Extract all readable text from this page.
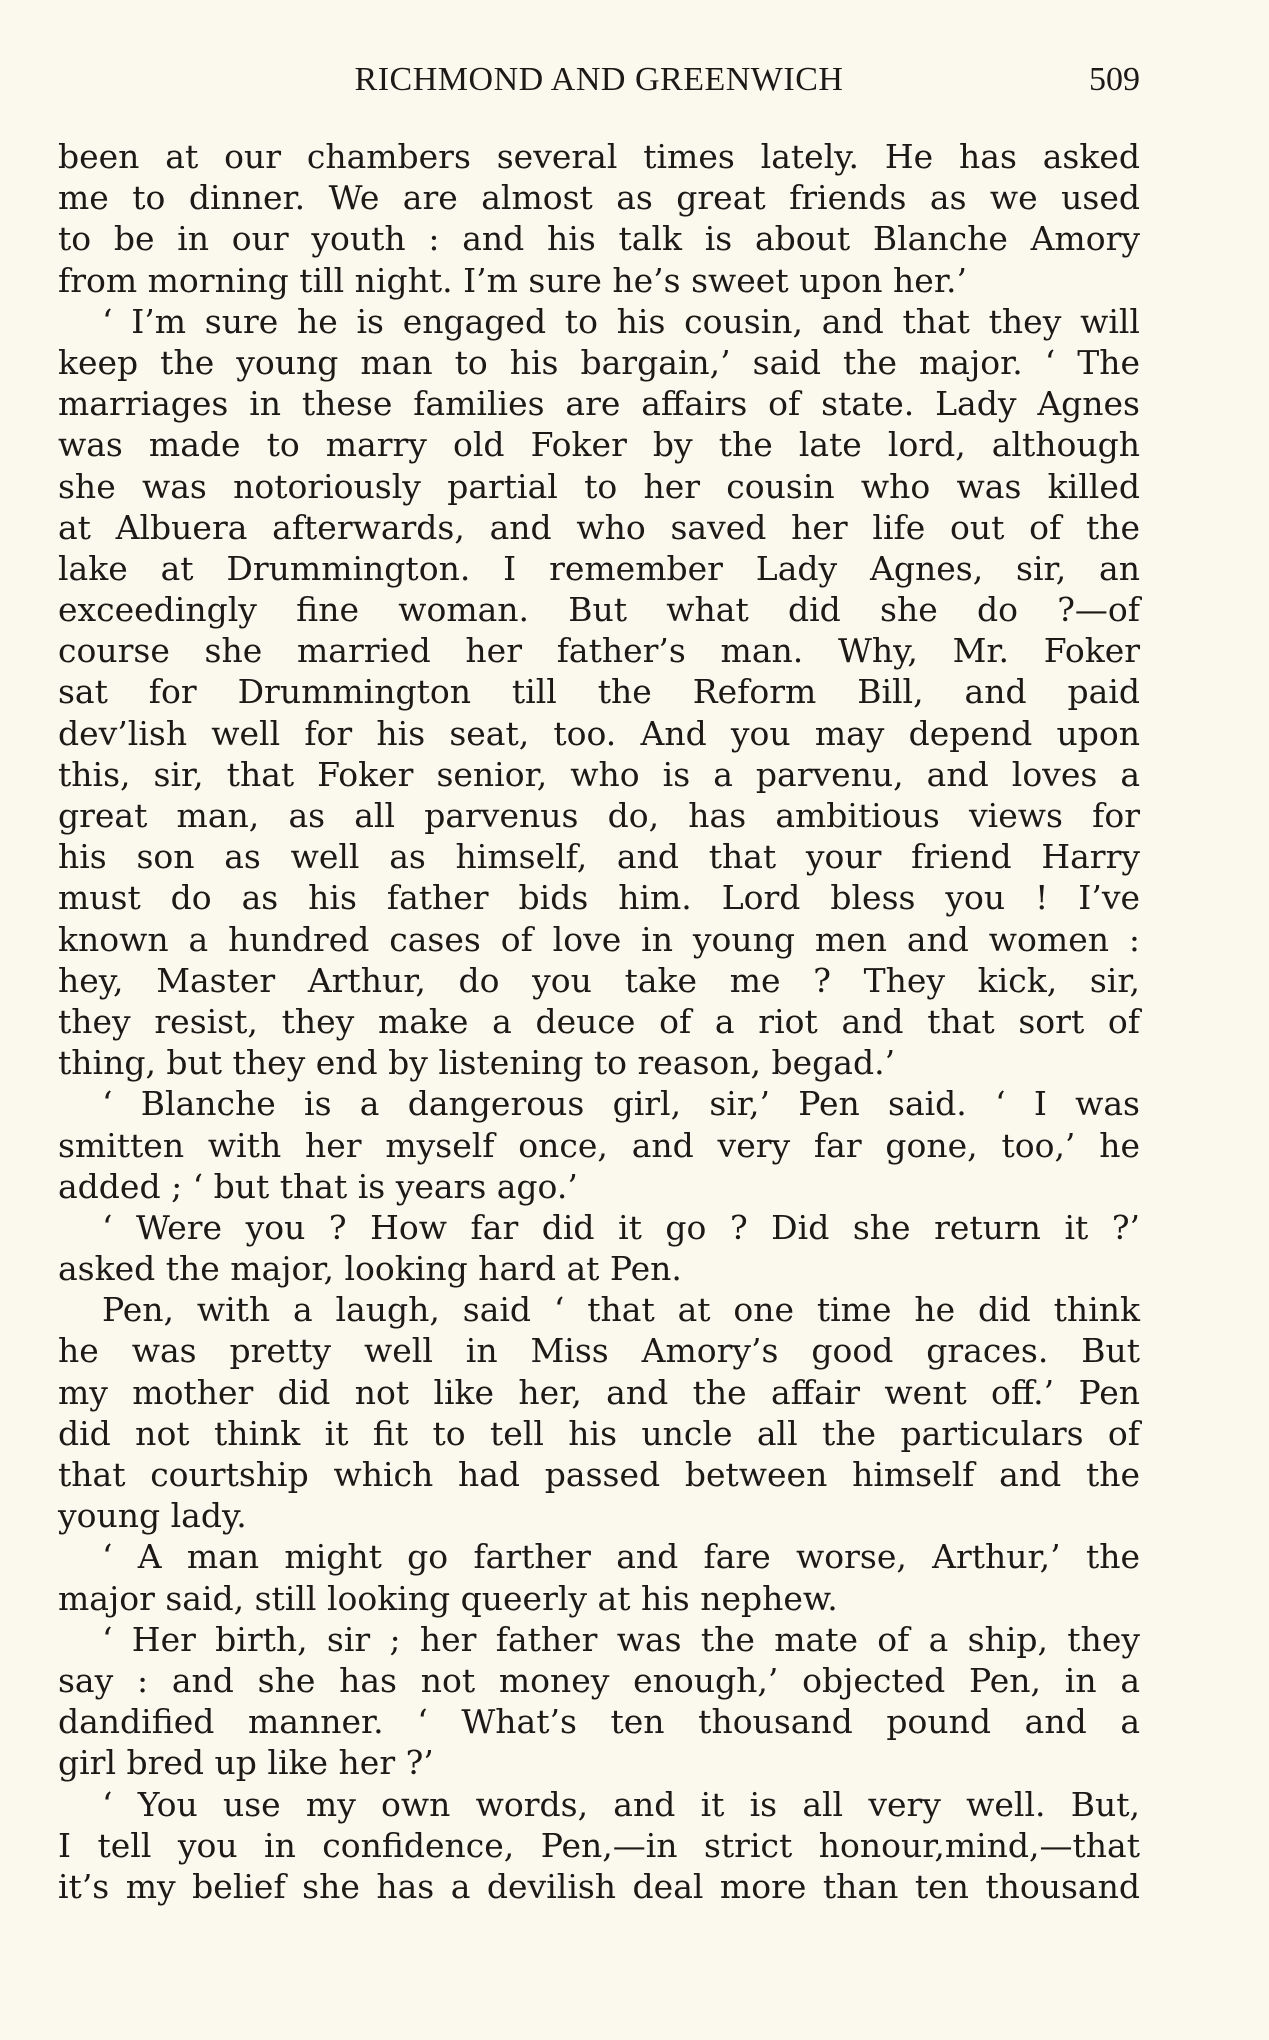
RICHMOND AND GREENWICH	509
been at our chambers several times lately. He has asked
me to dinner. We are almost as great friends as we used
to be in our youth : and his talk is about Blanche Amory
from morning till night. I’m sure he’s sweet upon her.’
‘ I’m sure he is engaged to his cousin, and that they will
keep the young man to his bargain,’ said the major. ‘ The
marriages in these families are affairs of state. Lady Agnes
was made to marry old Foker by the late lord, although
she was notoriously partial to her cousin who was killed
at Albuera afterwards, and who saved her life out of the
lake at Drummington. I remember Lady Agnes, sir, an
exceedingly fine woman. But what did she do ?—of
course she married her father’s man. Why, Mr. Foker
sat for Drummington till the Reform Bill, and paid
dev’lish well for his seat, too. And you may depend upon
this, sir, that Foker senior, who is a parvenu, and loves a
great man, as all parvenus do, has ambitious views for
his son as well as himself, and that your friend Harry
must do as his father bids him. Lord bless you ! I’ve
known a hundred cases of love in young men and women :
hey, Master Arthur, do you take me ? They kick, sir,
they resist, they make a deuce of a riot and that sort of
thing, but they end by listening to reason, begad.’
‘ Blanche is a dangerous girl, sir,’ Pen said. ‘ I was
smitten with her myself once, and very far gone, too,’ he
added ; ‘ but that is years ago.’
‘ Were you ? How far did it go ? Did she return it ?’
asked the major, looking hard at Pen.
Pen, with a laugh, said ‘ that at one time he did think
he was pretty well in Miss Amory’s good graces. But
my mother did not like her, and the affair went off.’ Pen
did not think it fit to tell his uncle all the particulars of
that courtship which had passed between himself and the
young lady.
‘ A man might go farther and fare worse, Arthur,’ the
major said, still looking queerly at his nephew.
‘ Her birth, sir ; her father was the mate of a ship, they
say : and she has not money enough,’ objected Pen, in a
dandified manner. ‘ What’s ten thousand pound and a
girl bred up like her ?’
‘ You use my own words, and it is all very well. But,
I tell you in confidence, Pen,—in strict honour,mind,—that
it’s my belief she has a devilish deal more than ten thousand
